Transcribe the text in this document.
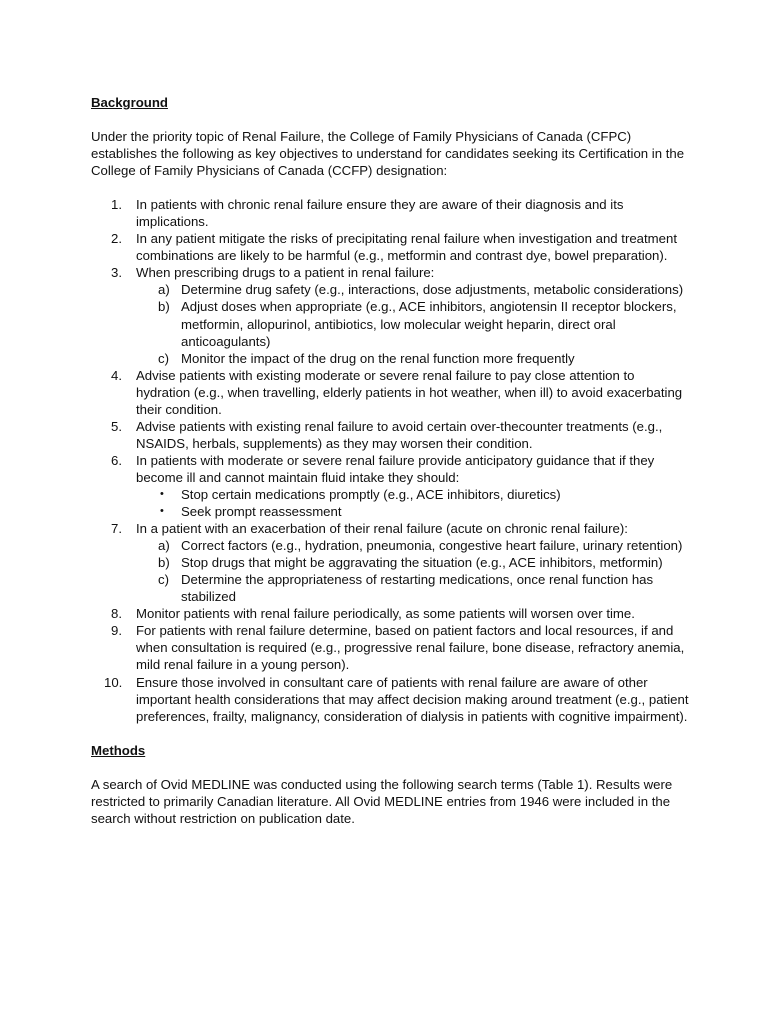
Background

Under the priority topic of Renal Failure, the College of Family Physicians of Canada (CFPC) establishes the following as key objectives to understand for candidates seeking its Certification in the College of Family Physicians of Canada (CCFP) designation:

1. In patients with chronic renal failure ensure they are aware of their diagnosis and its implications.
2. In any patient mitigate the risks of precipitating renal failure when investigation and treatment combinations are likely to be harmful (e.g., metformin and contrast dye, bowel preparation).
3. When prescribing drugs to a patient in renal failure:
a) Determine drug safety (e.g., interactions, dose adjustments, metabolic considerations)
b) Adjust doses when appropriate (e.g., ACE inhibitors, angiotensin II receptor blockers, metformin, allopurinol, antibiotics, low molecular weight heparin, direct oral anticoagulants)
c) Monitor the impact of the drug on the renal function more frequently
4. Advise patients with existing moderate or severe renal failure to pay close attention to hydration (e.g., when travelling, elderly patients in hot weather, when ill) to avoid exacerbating their condition.
5. Advise patients with existing renal failure to avoid certain over-thecounter treatments (e.g., NSAIDS, herbals, supplements) as they may worsen their condition.
6. In patients with moderate or severe renal failure provide anticipatory guidance that if they become ill and cannot maintain fluid intake they should:
• Stop certain medications promptly (e.g., ACE inhibitors, diuretics)
• Seek prompt reassessment
7. In a patient with an exacerbation of their renal failure (acute on chronic renal failure):
a) Correct factors (e.g., hydration, pneumonia, congestive heart failure, urinary retention)
b) Stop drugs that might be aggravating the situation (e.g., ACE inhibitors, metformin)
c) Determine the appropriateness of restarting medications, once renal function has stabilized
8. Monitor patients with renal failure periodically, as some patients will worsen over time.
9. For patients with renal failure determine, based on patient factors and local resources, if and when consultation is required (e.g., progressive renal failure, bone disease, refractory anemia, mild renal failure in a young person).
10. Ensure those involved in consultant care of patients with renal failure are aware of other important health considerations that may affect decision making around treatment (e.g., patient preferences, frailty, malignancy, consideration of dialysis in patients with cognitive impairment).
Methods

A search of Ovid MEDLINE was conducted using the following search terms (Table 1). Results were restricted to primarily Canadian literature. All Ovid MEDLINE entries from 1946 were included in the search without restriction on publication date.
